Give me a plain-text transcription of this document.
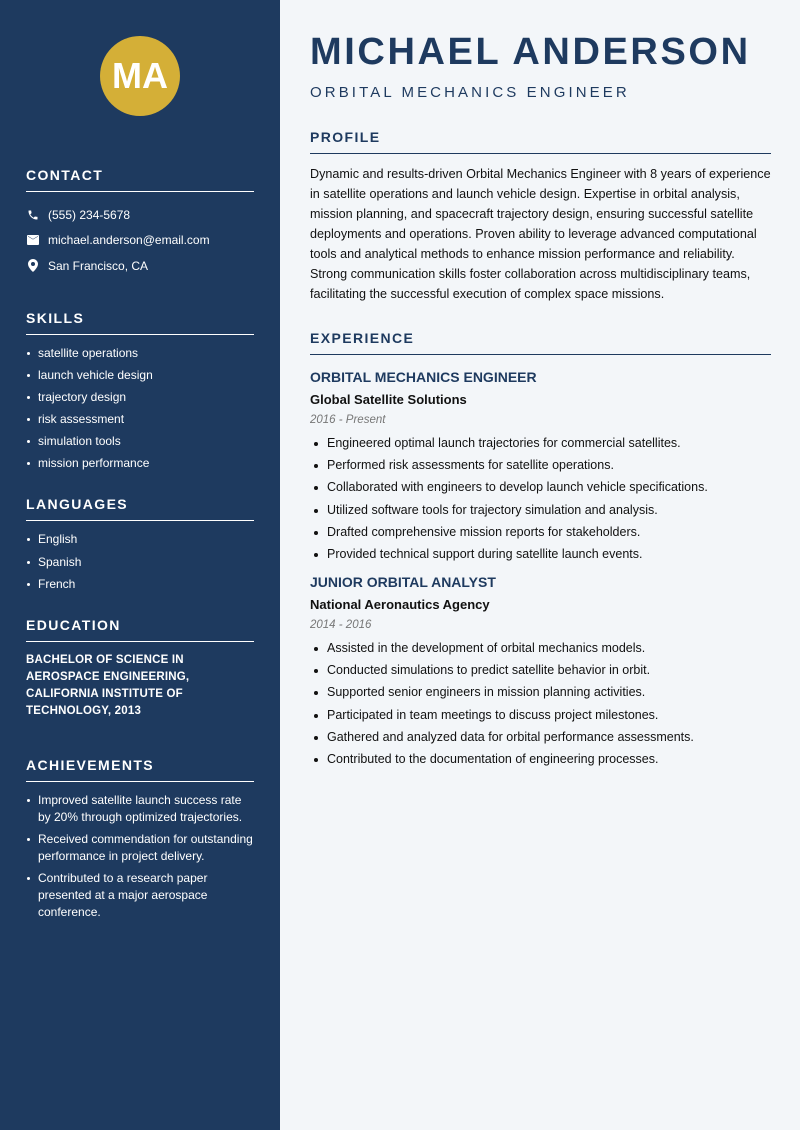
MA
CONTACT
(555) 234-5678
michael.anderson@email.com
San Francisco, CA
SKILLS
satellite operations
launch vehicle design
trajectory design
risk assessment
simulation tools
mission performance
LANGUAGES
English
Spanish
French
EDUCATION
BACHELOR OF SCIENCE IN AEROSPACE ENGINEERING, CALIFORNIA INSTITUTE OF TECHNOLOGY, 2013
ACHIEVEMENTS
Improved satellite launch success rate by 20% through optimized trajectories.
Received commendation for outstanding performance in project delivery.
Contributed to a research paper presented at a major aerospace conference.
MICHAEL ANDERSON
ORBITAL MECHANICS ENGINEER
PROFILE
Dynamic and results-driven Orbital Mechanics Engineer with 8 years of experience in satellite operations and launch vehicle design. Expertise in orbital analysis, mission planning, and spacecraft trajectory design, ensuring successful satellite deployments and operations. Proven ability to leverage advanced computational tools and analytical methods to enhance mission performance and reliability. Strong communication skills foster collaboration across multidisciplinary teams, facilitating the successful execution of complex space missions.
EXPERIENCE
ORBITAL MECHANICS ENGINEER
Global Satellite Solutions
2016 - Present
Engineered optimal launch trajectories for commercial satellites.
Performed risk assessments for satellite operations.
Collaborated with engineers to develop launch vehicle specifications.
Utilized software tools for trajectory simulation and analysis.
Drafted comprehensive mission reports for stakeholders.
Provided technical support during satellite launch events.
JUNIOR ORBITAL ANALYST
National Aeronautics Agency
2014 - 2016
Assisted in the development of orbital mechanics models.
Conducted simulations to predict satellite behavior in orbit.
Supported senior engineers in mission planning activities.
Participated in team meetings to discuss project milestones.
Gathered and analyzed data for orbital performance assessments.
Contributed to the documentation of engineering processes.
